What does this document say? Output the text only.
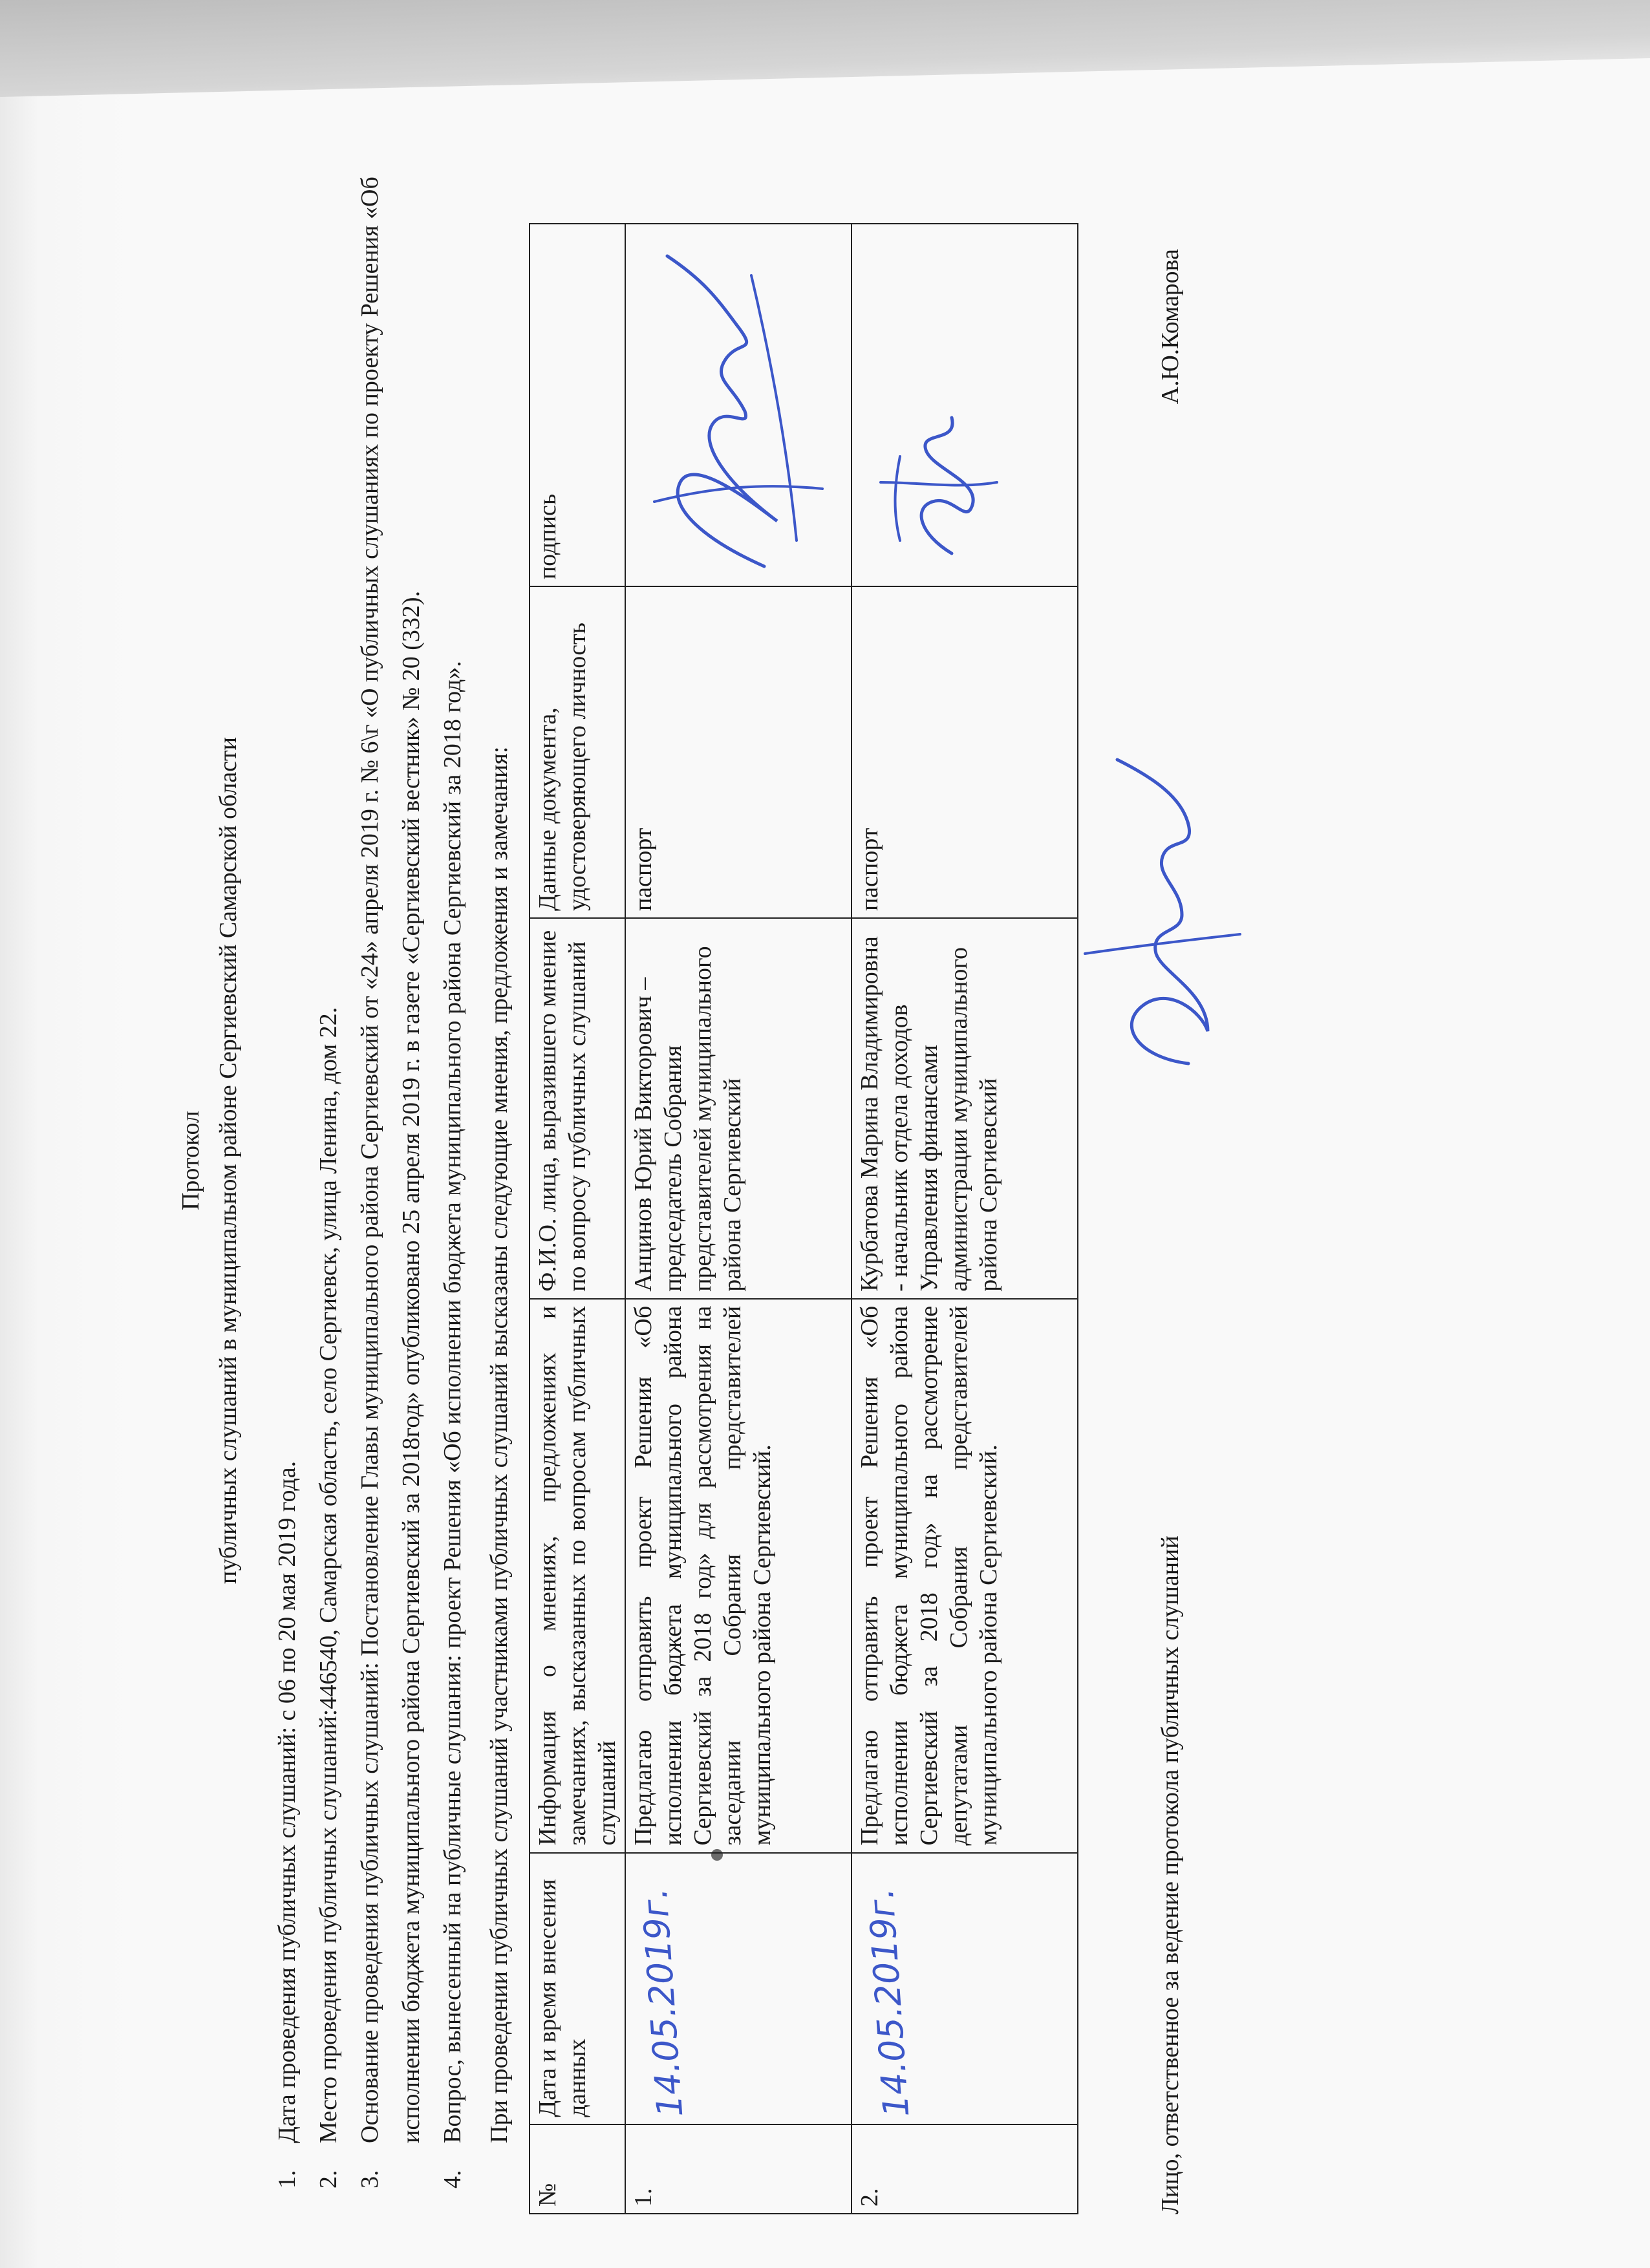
Протокол публичных слушаний в муниципальном районе Сергиевский Самарской области
1.
Дата проведения публичных слушаний: с 06 по 20 мая 2019 года.
2.
Место проведения публичных слушаний:446540, Самарская область, село Сергиевск, улица Ленина, дом 22.
3.
Основание проведения публичных слушаний: Постановление Главы муниципального района Сергиевский от «24» апреля 2019 г. № 6\г «О публичных слушаниях по проекту Решения «Об исполнении бюджета муниципального района Сергиевский за 2018год» опубликовано 25 апреля 2019 г. в газете «Сергиевский вестник» № 20 (332).
4.
Вопрос, вынесенный на публичные слушания: проект Решения «Об исполнении бюджета муниципального района Сергиевский за 2018 год». При проведении публичных слушаний участниками публичных слушаний высказаны следующие мнения, предложения и замечания:
№	Дата и время внесения данных	Информация о мнениях, предложениях и замечаниях, высказанных по вопросам публичных слушаний	Ф.И.О. лица, выразившего мнение по вопросу публичных слушаний	Данные документа, удостоверяющего личность	подпись
1.	14.05.2019г.	Предлагаю отправить проект Решения «Об исполнении бюджета муниципального района Сергиевский за 2018 год» для рассмотрения на заседании Собрания представителей муниципального района Сергиевский.	Анцинов Юрий Викторович – председатель Собрания представителей муниципального района Сергиевский	паспорт	
2.	14.05.2019г.	Предлагаю отправить проект Решения «Об исполнении бюджета муниципального района Сергиевский за 2018 год» на рассмотрение депутатами Собрания представителей муниципального района Сергиевский.	Курбатова Марина Владимировна - начальник отдела доходов Управления финансами администрации муниципального района Сергиевский	паспорт	
Лицо, ответственное за ведение протокола публичных слушаний
А.Ю.Комарова
